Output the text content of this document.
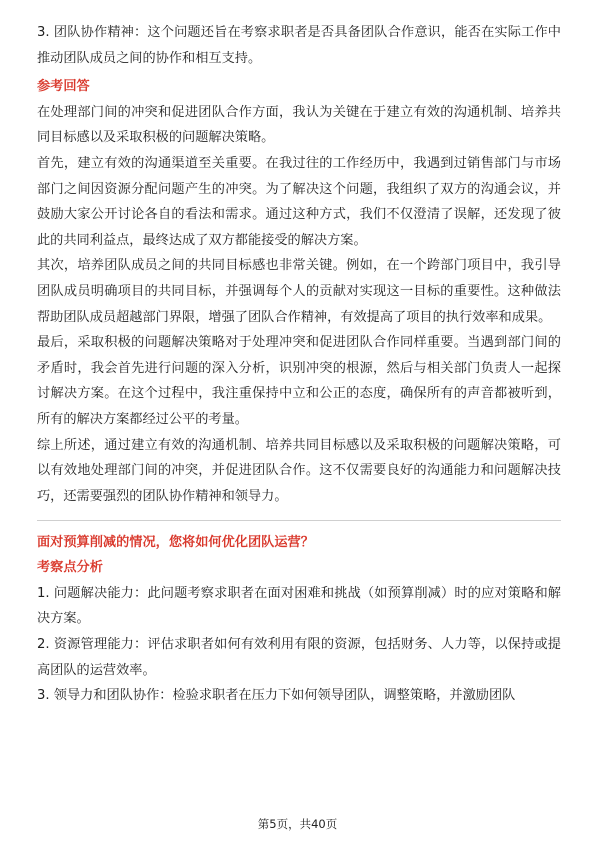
3. 团队协作精神：这个问题还旨在考察求职者是否具备团队合作意识，能否在实际工作中推动团队成员之间的协作和相互支持。

参考回答

在处理部门间的冲突和促进团队合作方面，我认为关键在于建立有效的沟通机制、培养共同目标感以及采取积极的问题解决策略。

首先，建立有效的沟通渠道至关重要。在我过往的工作经历中，我遇到过销售部门与市场部门之间因资源分配问题产生的冲突。为了解决这个问题，我组织了双方的沟通会议，并鼓励大家公开讨论各自的看法和需求。通过这种方式，我们不仅澄清了误解，还发现了彼此的共同利益点，最终达成了双方都能接受的解决方案。

其次，培养团队成员之间的共同目标感也非常关键。例如，在一个跨部门项目中，我引导团队成员明确项目的共同目标，并强调每个人的贡献对实现这一目标的重要性。这种做法帮助团队成员超越部门界限，增强了团队合作精神，有效提高了项目的执行效率和成果。

最后，采取积极的问题解决策略对于处理冲突和促进团队合作同样重要。当遇到部门间的矛盾时，我会首先进行问题的深入分析，识别冲突的根源，然后与相关部门负责人一起探讨解决方案。在这个过程中，我注重保持中立和公正的态度，确保所有的声音都被听到，所有的解决方案都经过公平的考量。

综上所述，通过建立有效的沟通机制、培养共同目标感以及采取积极的问题解决策略，可以有效地处理部门间的冲突，并促进团队合作。这不仅需要良好的沟通能力和问题解决技巧，还需要强烈的团队协作精神和领导力。

面对预算削减的情况，您将如何优化团队运营？

考察点分析

1. 问题解决能力：此问题考察求职者在面对困难和挑战（如预算削减）时的应对策略和解决方案。

2. 资源管理能力：评估求职者如何有效利用有限的资源，包括财务、人力等，以保持或提高团队的运营效率。

3. 领导力和团队协作：检验求职者在压力下如何领导团队，调整策略，并激励团队

第5页，共40页
